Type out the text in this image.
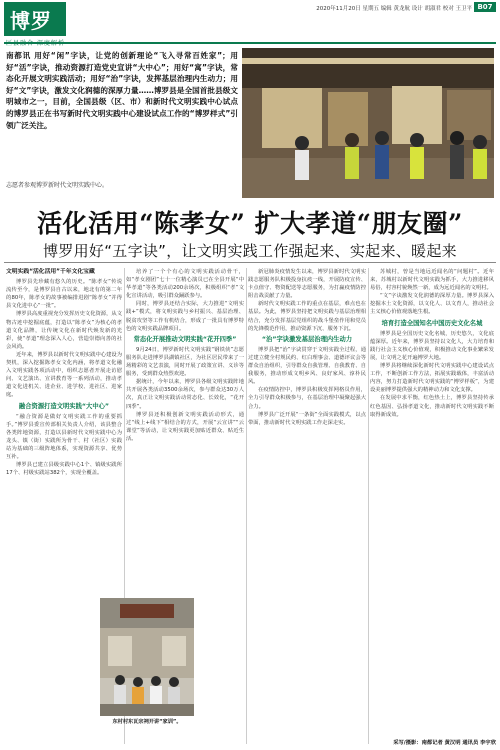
博罗	2020年11月20日 星期五 编辑 黄龙航 设计 胡淑君 校对 王卫平 B07
南都讯 用好“闲”字诀，让党的创新理论“飞入寻常百姓家”；用好“活”字诀，推动资源打造党史宣讲“大中心”；用好“寓”字诀，常态化开展文明实践活动；用好“治”字诀，发挥基层治理内生动力；用好“文”字诀，激发文化润德的深厚力量……博罗县是全国首批县级文明城市之一，目前，全国县级（区、市）和新时代文明实践中心试点的博罗县正在书写新时代文明实践中心建设试点工作的“博罗样式”引领广泛关注。
志愿者参观博罗新时代文明实践中心。
活化活用“陈孝女” 扩大孝道“朋友圈”
博罗用好“五字诀”，让文明实践工作强起来、实起来、暖起来
文明实践“活化活用”千年文化宝藏

博罗县先珍藏有悠久的历史。“陈孝女”传说流传至今，是博罗县自古以来，地北有的第二年的80年，陈孝女的故事被编排进剧“陈孝女”并得县文化进中心“一批”。

博罗县高度重视充分发挥历史文化资源，从文物古迹中挖掘底蕴，打造以“陈孝女”为核心的孝道文化品牌，让传统文化在新时代焕发新的光彩，使“孝道”理念深入人心，营造崇德向善的社会风尚。

近年来，博罗县以新时代文明实践中心建设为契机，深入挖掘陈孝女文化内涵，将孝道文化融入文明实践各项活动中，组织志愿者开展走访慰问、文艺演出、宣讲教育等一系列活动，推动孝道文化进机关、进企业、进学校、进社区、进家庭。

融合资源打造文明实践“大中心”

“融合资源是做好文明实践工作的重要抓手。”博罗县委宣传部相关负责人介绍，该县整合各类阵地资源，打造以县新时代文明实践中心为龙头、镇（街）实践所为骨干、村（社区）实践站为基础的三级阵地体系，实现资源共享、优势互补。

博罗县已建立县级实践中心1个、镇级实践所17个、村级实践站382个，实现全覆盖。

培养了一个个有心的文明实践活动骨干，如“孝女剧团”七十一位精心演员已在全县开展“中华孝道”等各类活动200余场次，积极组织“孝”文化宣讲活动，吸引群众踊跃参与。

同时，博罗县还结合实际，大力推进“文明实践+”模式，将文明实践与乡村振兴、基层治理、脱贫攻坚等工作有机结合，形成了一批具有博罗特色的文明实践品牌项目。

常态化开展推动文明实践“花开四季”

9月24日，博罗新时代文明实践“钢铁侠”志愿服务队走进博罗县湖镇社区，为社区居民带来了一场精彩的文艺表演，同时开展了政策宣讲、义诊等服务，受到群众热烈欢迎。

据统计，今年以来，博罗县各级文明实践阵地共开展各类活动3500余场次，参与群众达30万人次，真正让文明实践活动常态化、长效化，“花开四季”。

博罗县还积极创新文明实践活动形式，通过“线上+线下”相结合的方式，开展“云宣讲”“云课堂”等活动，让文明实践更加贴近群众、贴近生活。

东村村东瓦宗祠开讲“家训”。

新冠肺炎疫情发生以来，博罗县新时代文明实践志愿服务队积极投身抗疫一线，开展防疫宣传、卡点值守、物资配送等志愿服务，为打赢疫情防控阻击战贡献了力量。

新时代文明实践工作的重点在基层，难点也在基层。为此，博罗县坚持把文明实践与基层治理相结合，充分发挥基层党组织的战斗堡垒作用和党员的先锋模范作用，推动资源下沉、服务下沉。

“治”字诀激发基层治理内生动力

博罗县把“治”字诀贯穿于文明实践全过程，通过建立健全村规民约、红白理事会、道德评议会等群众自治组织，引导群众自我管理、自我教育、自我服务，推动形成文明乡风、良好家风、淳朴民风。

在疫情防控中，博罗县积极发挥网格员作用，全力引导群众积极参与，在基层治理中凝聚起强大合力。

博罗县广泛开展“一条街”全面实践模式，以点带面，推动新时代文明实践工作走深走实。

苏城村，曾是当地远近闻名的“问题村”。近年来，苏城村以新时代文明实践为抓手，大力推进移风易俗，村容村貌焕然一新，成为远近闻名的文明村。

“文”字诀激发文化润德的深厚力量。博罗县深入挖掘本土文化资源，以文化人、以文育人，推动社会主义核心价值观落地生根。

培育打造全国知名中国历史文化名城

博罗县是全国历史文化名城，历史悠久，文化底蕴深厚。近年来，博罗县坚持以文化人，大力培育和践行社会主义核心价值观，积极推动文化事业繁荣发展，让文明之花开遍博罗大地。

博罗县将继续深化新时代文明实践中心建设试点工作，不断创新工作方法，拓展实践载体，丰富活动内容，努力打造新时代文明实践的“博罗样板”，为建设美丽博罗提供强大的精神动力和文化支撑。

在发展中求平衡，红色热土上，博罗县坚持传承红色基因、弘扬孝道文化，推动新时代文明实践不断取得新成效。

采写/摄影：南都记者 黄汉明 通讯员 李宇欣
